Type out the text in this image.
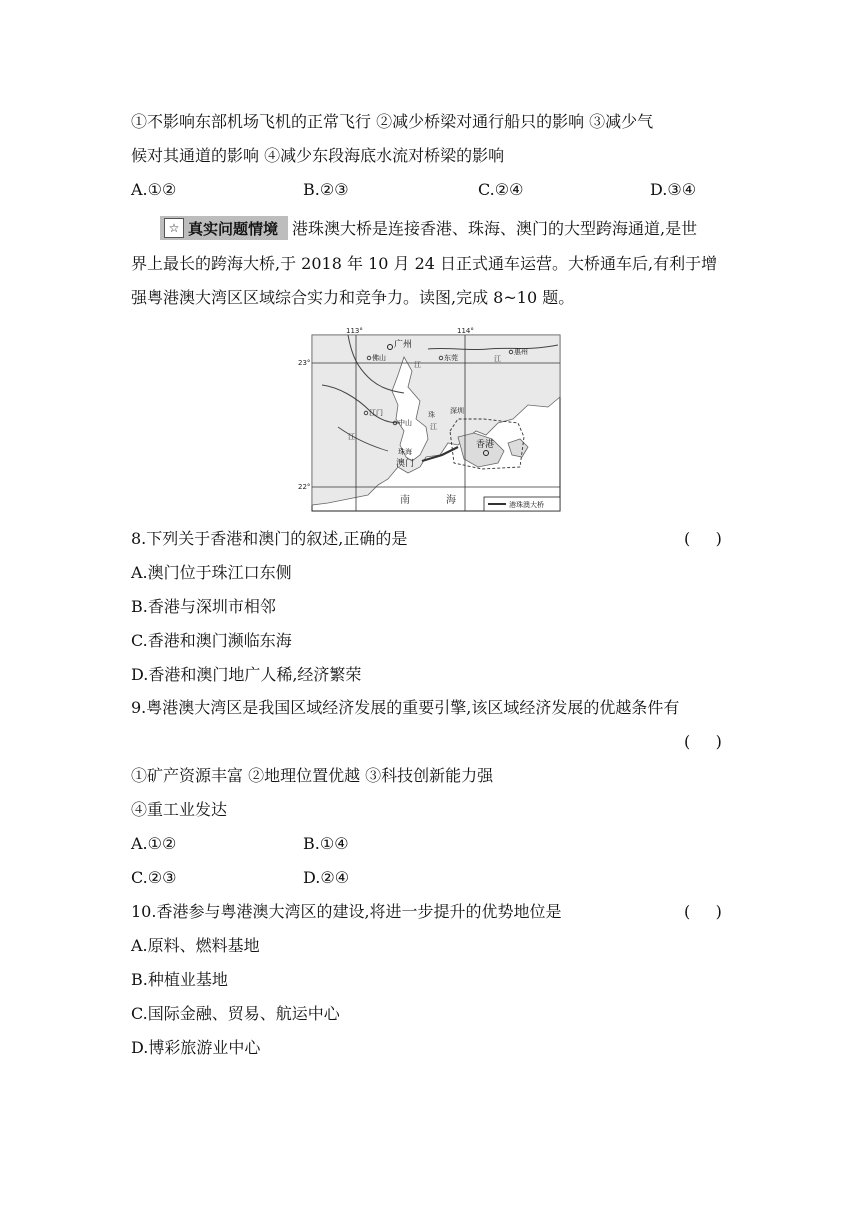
①不影响东部机场飞机的正常飞行 ②减少桥梁对通行船只的影响 ③减少气
候对其通道的影响 ④减少东段海底水流对桥梁的影响
A.①②	B.②③	C.②④	D.③④
☆ 真实问题情境 港珠澳大桥是连接香港、珠海、澳门的大型跨海通道,是世
界上最长的跨海大桥,于 2018 年 10 月 24 日正式通车运营。大桥通车后,有利于增
强粤港澳大湾区区域综合实力和竞争力。读图,完成 8~10 题。
113°	114°
23°
22°
广州
佛山	东莞
惠州
江门
中山
深圳
珠海
澳门
香港
江
江
珠
江
江
南	海	港珠澳大桥
8.下列关于香港和澳门的叙述,正确的是	(     )
A.澳门位于珠江口东侧
B.香港与深圳市相邻
C.香港和澳门濒临东海
D.香港和澳门地广人稀,经济繁荣
9.粤港澳大湾区是我国区域经济发展的重要引擎,该区域经济发展的优越条件有
(     )
①矿产资源丰富 ②地理位置优越 ③科技创新能力强
④重工业发达
A.①②	B.①④
C.②③	D.②④
10.香港参与粤港澳大湾区的建设,将进一步提升的优势地位是	(     )
A.原料、燃料基地
B.种植业基地
C.国际金融、贸易、航运中心
D.博彩旅游业中心
